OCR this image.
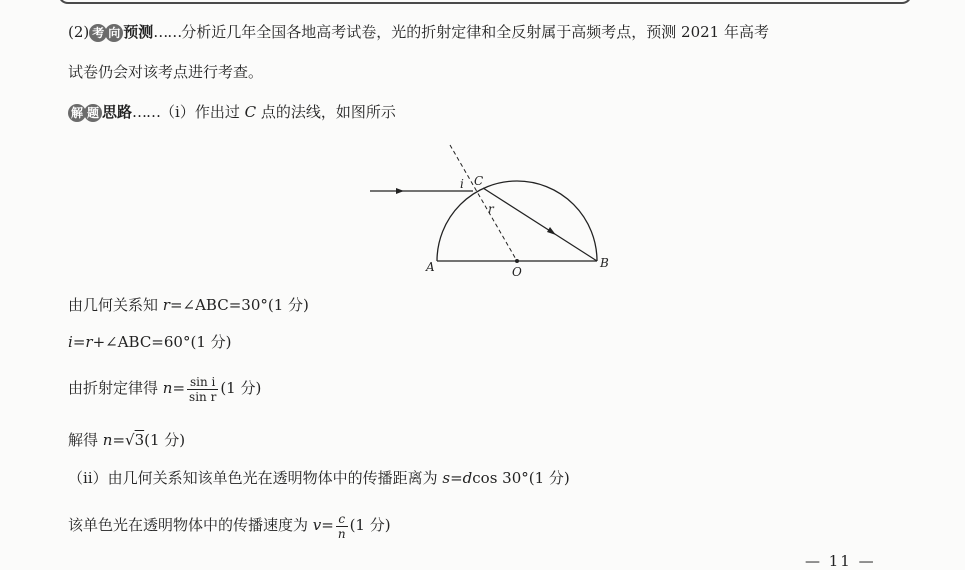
(2) 考 向 预测……分析近几年全国各地高考试卷，光的折射定律和全反射属于高频考点，预测 2021 年高考
试卷仍会对该考点进行考查。
解 题 思路……（ⅰ）作出过 C 点的法线，如图所示
i C
r
A	O
B
由几何关系知 r=∠ABC=30°(1 分)
i=r+∠ABC=60°(1 分)
由折射定律得 $n= \frac{\text{sin i}}{\text{sin r}} (1$ 分)
解得 n=√3(1 分)
（ⅱ）由几何关系知该单色光在透明物体中的传播距离为 s=dcos 30°(1 分)
该单色光在透明物体中的传播速度为 $v= \frac{c}{n} (1$ 分)
— 11 —
